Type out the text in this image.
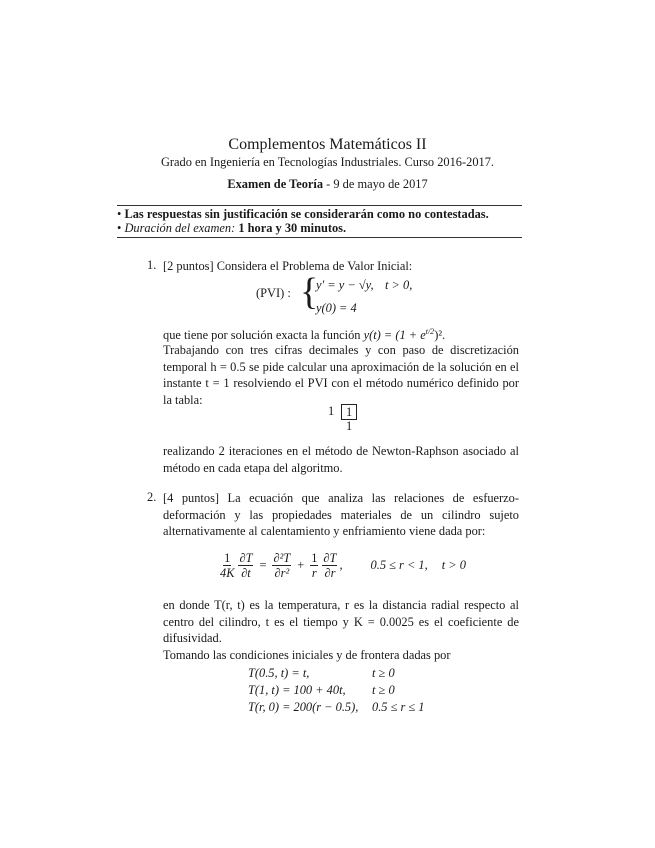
Complementos Matemáticos II
Grado en Ingeniería en Tecnologías Industriales. Curso 2016-2017.
Examen de Teoría - 9 de mayo de 2017
• Las respuestas sin justificación se considerarán como no contestadas.
• Duración del examen: 1 hora y 30 minutos.
1. [2 puntos] Considera el Problema de Valor Inicial:
(PVI) : {
y′ = y − √y, t > 0,
y(0) = 4
que tiene por solución exacta la función $y(t) = (1 + e^{t/2})^2$.
Trabajando con tres cifras decimales y con paso de discretización temporal h = 0.5 se pide calcular una aproximación de la solución en el instante t = 1 resolviendo el PVI con el método numérico definido por la tabla:
1 1
1
realizando 2 iteraciones en el método de Newton-Raphson asociado al método en cada etapa del algoritmo.
2. [4 puntos] La ecuación que analiza las relaciones de esfuerzo-deformación y las propiedades materiales de un cilindro sujeto alternativamente al calentamiento y enfriamiento viene dada por:
$\frac{1}{4K} \frac{\partial T}{\partial t} = \frac{\text{∂²T}}{\text{∂r²}} + \frac{1}{r} \frac{\partial T}{\partial r}$ , 0.5 ≤ r < 1, t > 0
en donde T(r, t) es la temperatura, r es la distancia radial respecto al centro del cilindro, t es el tiempo y K = 0.0025 es el coeficiente de difusividad.
Tomando las condiciones iniciales y de frontera dadas por
T(0.5, t) = t,	t ≥ 0
T(1, t) = 100 + 40t, t ≥ 0
T(r, 0) = 200(r − 0.5), 0.5 ≤ r ≤ 1
